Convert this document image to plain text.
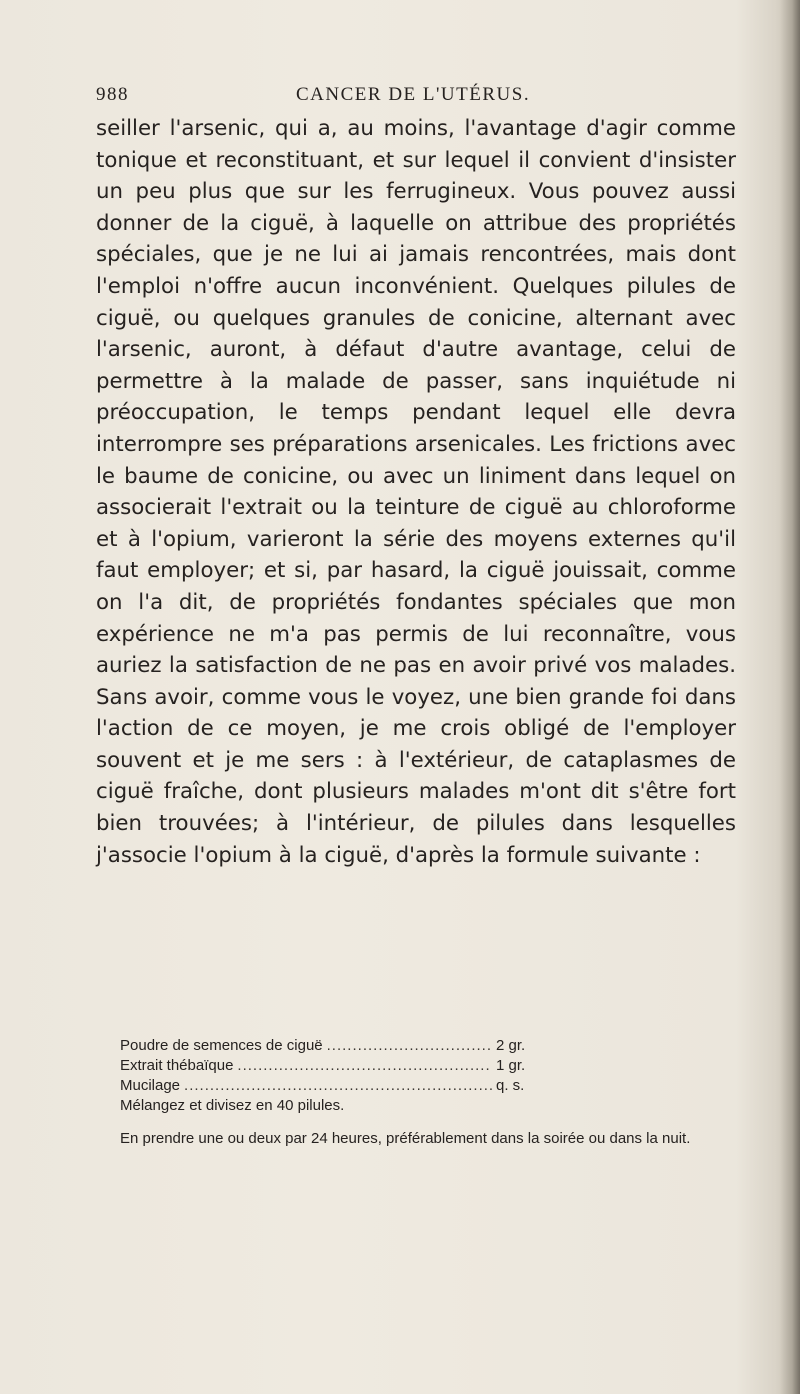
988	CANCER DE L'UTÉRUS.

seiller l'arsenic, qui a, au moins, l'avantage d'agir comme tonique et reconstituant, et sur lequel il convient d'insister un peu plus que sur les ferrugineux. Vous pouvez aussi donner de la ciguë, à laquelle on attribue des propriétés spéciales, que je ne lui ai jamais rencontrées, mais dont l'emploi n'offre aucun inconvénient. Quelques pilules de ciguë, ou quelques granules de conicine, alternant avec l'arsenic, auront, à défaut d'autre avantage, celui de permettre à la malade de passer, sans inquiétude ni préoccupation, le temps pendant lequel elle devra interrompre ses préparations arsenicales. Les frictions avec le baume de conicine, ou avec un liniment dans lequel on associerait l'extrait ou la teinture de ciguë au chloroforme et à l'opium, varieront la série des moyens externes qu'il faut employer; et si, par hasard, la ciguë jouissait, comme on l'a dit, de propriétés fondantes spéciales que mon expérience ne m'a pas permis de lui reconnaître, vous auriez la satisfaction de ne pas en avoir privé vos malades. Sans avoir, comme vous le voyez, une bien grande foi dans l'action de ce moyen, je me crois obligé de l'employer souvent et je me sers : à l'extérieur, de cataplasmes de ciguë fraîche, dont plusieurs malades m'ont dit s'être fort bien trouvées; à l'intérieur, de pilules dans lesquelles j'associe l'opium à la ciguë, d'après la formule suivante :

Poudre de semences de ciguë .....	2 gr.
Extrait thébaïque .....	1 gr.
Mucilage .....	q. s.
Mélangez et divisez en 40 pilules.
En prendre une ou deux par 24 heures, préférablement dans la soirée ou dans la nuit.
